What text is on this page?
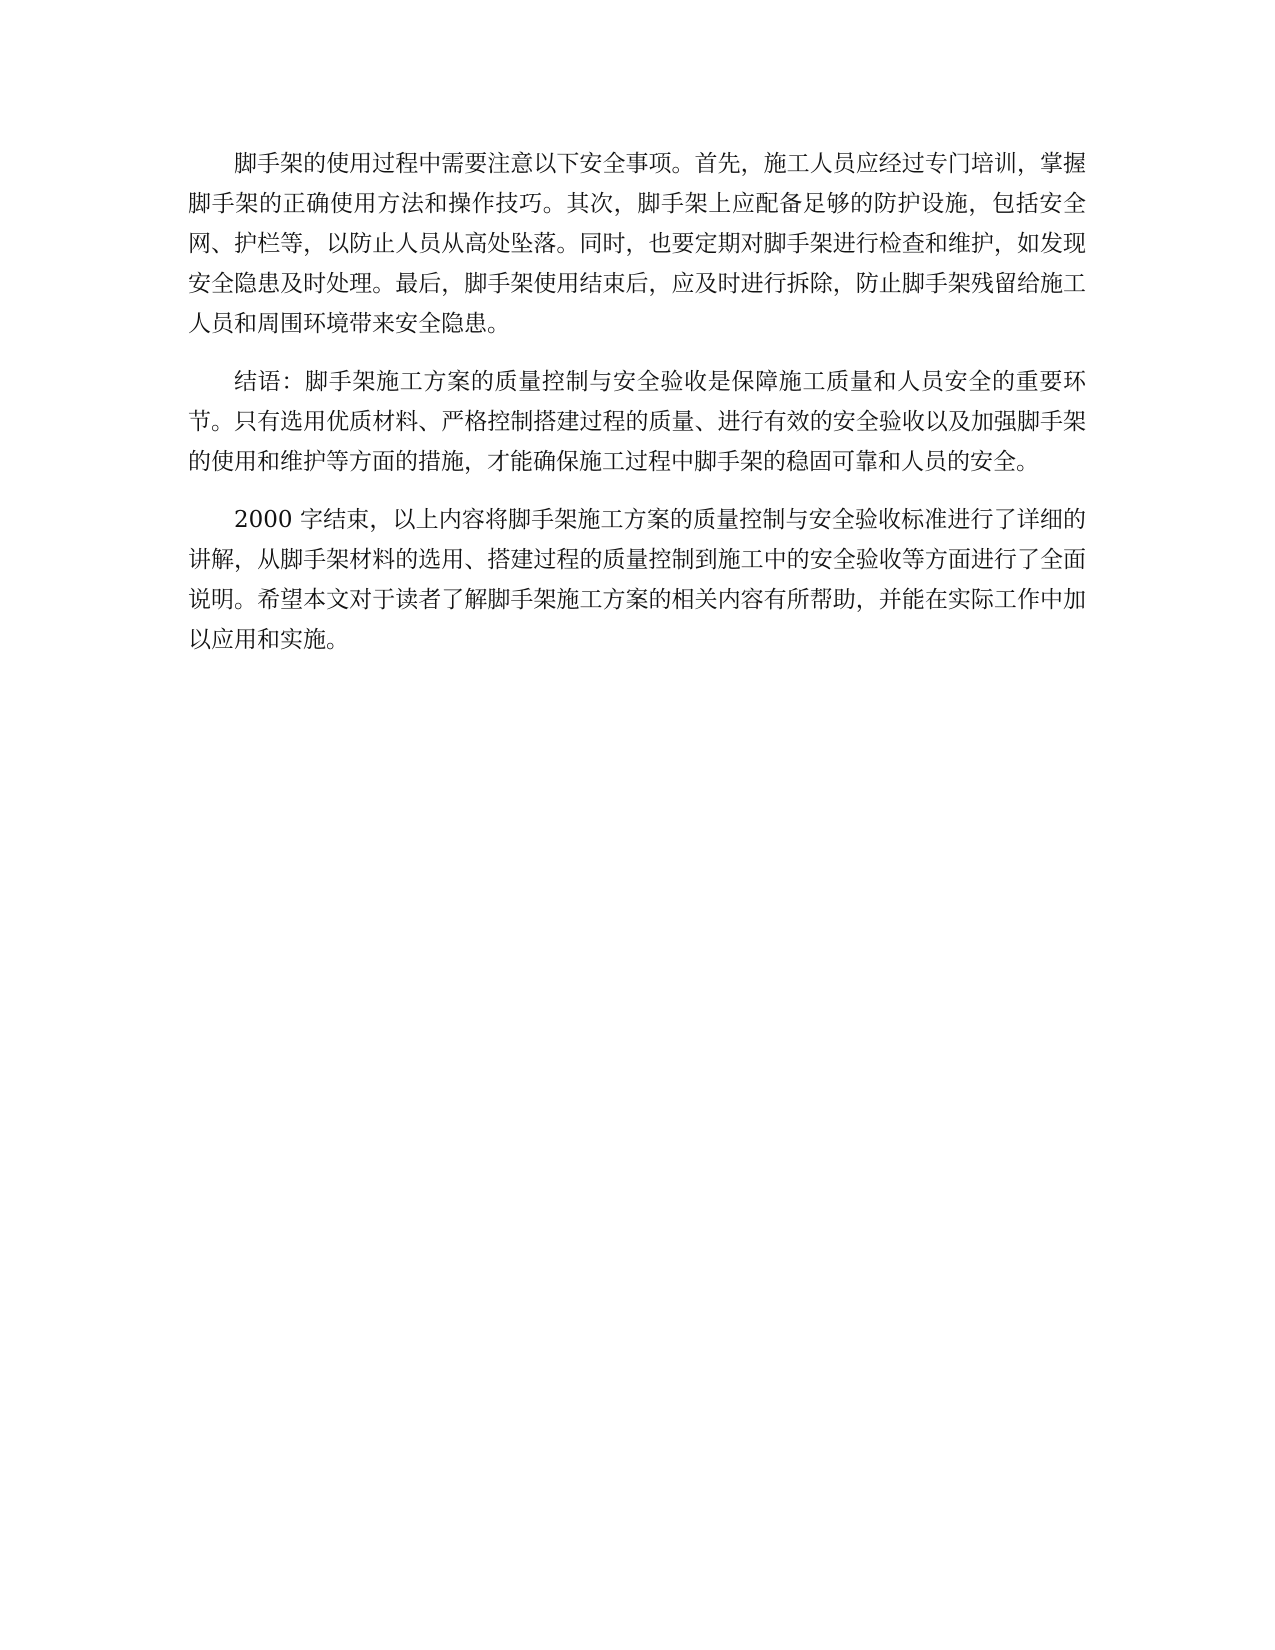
脚手架的使用过程中需要注意以下安全事项。首先，施工人员应经过专门培训，掌握脚手架的正确使用方法和操作技巧。其次，脚手架上应配备足够的防护设施，包括安全网、护栏等，以防止人员从高处坠落。同时，也要定期对脚手架进行检查和维护，如发现安全隐患及时处理。最后，脚手架使用结束后，应及时进行拆除，防止脚手架残留给施工人员和周围环境带来安全隐患。

结语：脚手架施工方案的质量控制与安全验收是保障施工质量和人员安全的重要环节。只有选用优质材料、严格控制搭建过程的质量、进行有效的安全验收以及加强脚手架的使用和维护等方面的措施，才能确保施工过程中脚手架的稳固可靠和人员的安全。

2000 字结束，以上内容将脚手架施工方案的质量控制与安全验收标准进行了详细的讲解，从脚手架材料的选用、搭建过程的质量控制到施工中的安全验收等方面进行了全面说明。希望本文对于读者了解脚手架施工方案的相关内容有所帮助，并能在实际工作中加以应用和实施。
